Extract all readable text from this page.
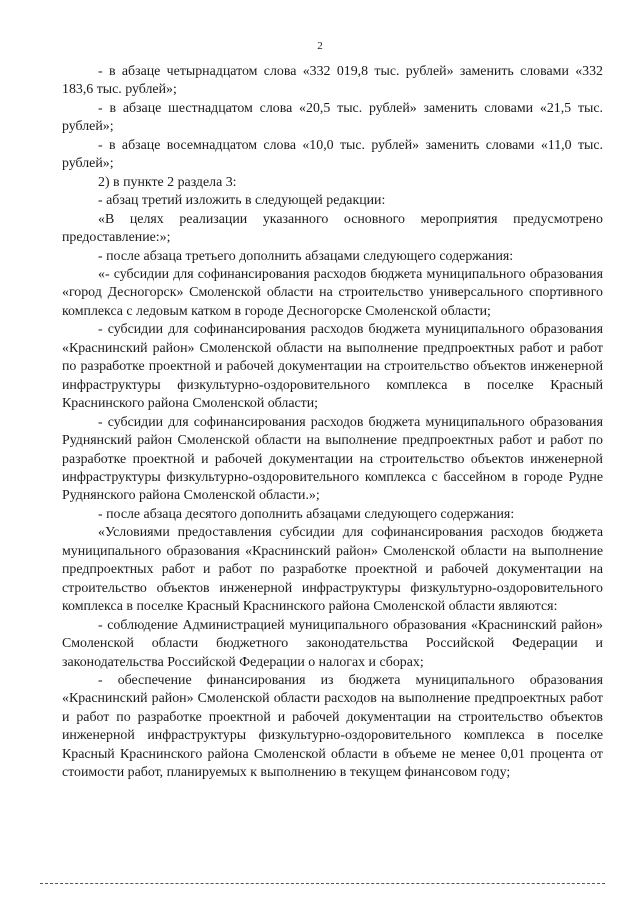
2

- в абзаце четырнадцатом слова «332 019,8 тыс. рублей» заменить словами «332 183,6 тыс. рублей»;

- в абзаце шестнадцатом слова «20,5 тыс. рублей» заменить словами «21,5 тыс. рублей»;

- в абзаце восемнадцатом слова «10,0 тыс. рублей» заменить словами «11,0 тыс. рублей»;

2) в пункте 2 раздела 3:

- абзац третий изложить в следующей редакции:

«В целях реализации указанного основного мероприятия предусмотрено предоставление:»;

- после абзаца третьего дополнить абзацами следующего содержания:

«- субсидии для софинансирования расходов бюджета муниципального образования «город Десногорск» Смоленской области на строительство универсального спортивного комплекса с ледовым катком в городе Десногорске Смоленской области;

- субсидии для софинансирования расходов бюджета муниципального образования «Краснинский район» Смоленской области на выполнение предпроектных работ и работ по разработке проектной и рабочей документации на строительство объектов инженерной инфраструктуры физкультурно-оздоровительного комплекса в поселке Красный Краснинского района Смоленской области;

- субсидии для софинансирования расходов бюджета муниципального образования Руднянский район Смоленской области на выполнение предпроектных работ и работ по разработке проектной и рабочей документации на строительство объектов инженерной инфраструктуры физкультурно-оздоровительного комплекса с бассейном в городе Рудне Руднянского района Смоленской области.»;

- после абзаца десятого дополнить абзацами следующего содержания:

«Условиями предоставления субсидии для софинансирования расходов бюджета муниципального образования «Краснинский район» Смоленской области на выполнение предпроектных работ и работ по разработке проектной и рабочей документации на строительство объектов инженерной инфраструктуры физкультурно-оздоровительного комплекса в поселке Красный Краснинского района Смоленской области являются:

- соблюдение Администрацией муниципального образования «Краснинский район» Смоленской области бюджетного законодательства Российской Федерации и законодательства Российской Федерации о налогах и сборах;

- обеспечение финансирования из бюджета муниципального образования «Краснинский район» Смоленской области расходов на выполнение предпроектных работ и работ по разработке проектной и рабочей документации на строительство объектов инженерной инфраструктуры физкультурно-оздоровительного комплекса в поселке Красный Краснинского района Смоленской области в объеме не менее 0,01 процента от стоимости работ, планируемых к выполнению в текущем финансовом году;
